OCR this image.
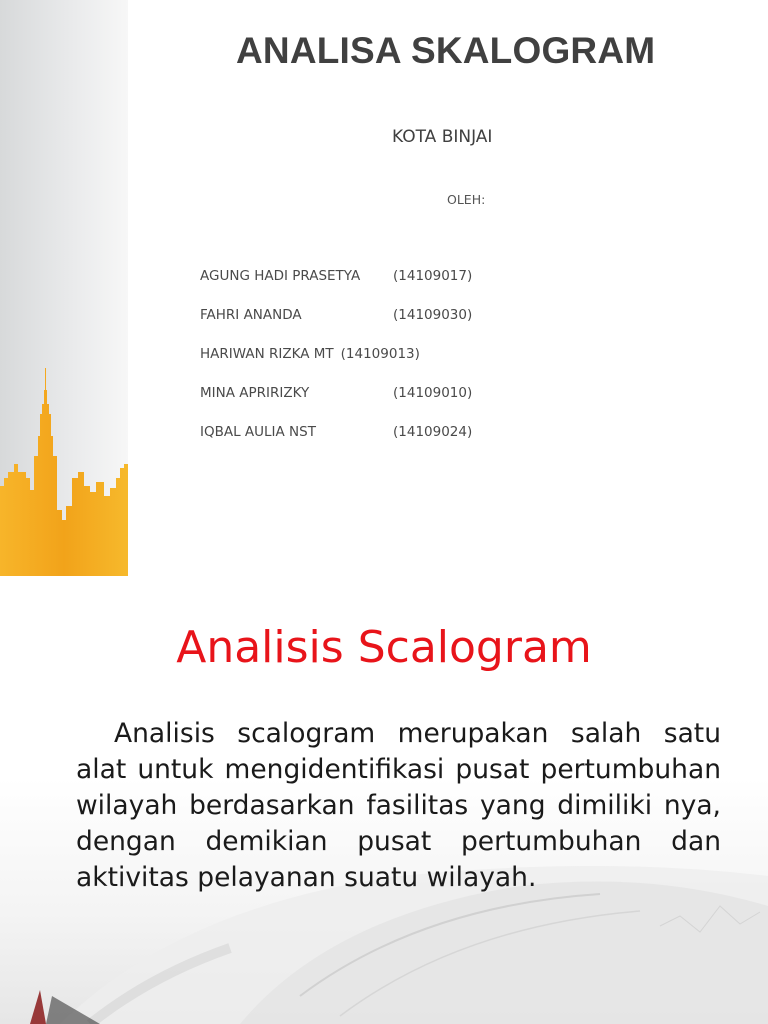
ANALISA SKALOGRAM
KOTA BINJAI
OLEH:
AGUNG HADI PRASETYA (14109017)
FAHRI ANANDA	(14109030)
HARIWAN RIZKA MT (14109013)
MINA APRIRIZKY	(14109010)
IQBAL AULIA NST	(14109024)
Analisis Scalogram
Analisis scalogram merupakan salah satu alat untuk mengidentifikasi pusat pertumbuhan wilayah berdasarkan fasilitas yang dimiliki nya, dengan demikian pusat pertumbuhan dan aktivitas pelayanan suatu wilayah.
